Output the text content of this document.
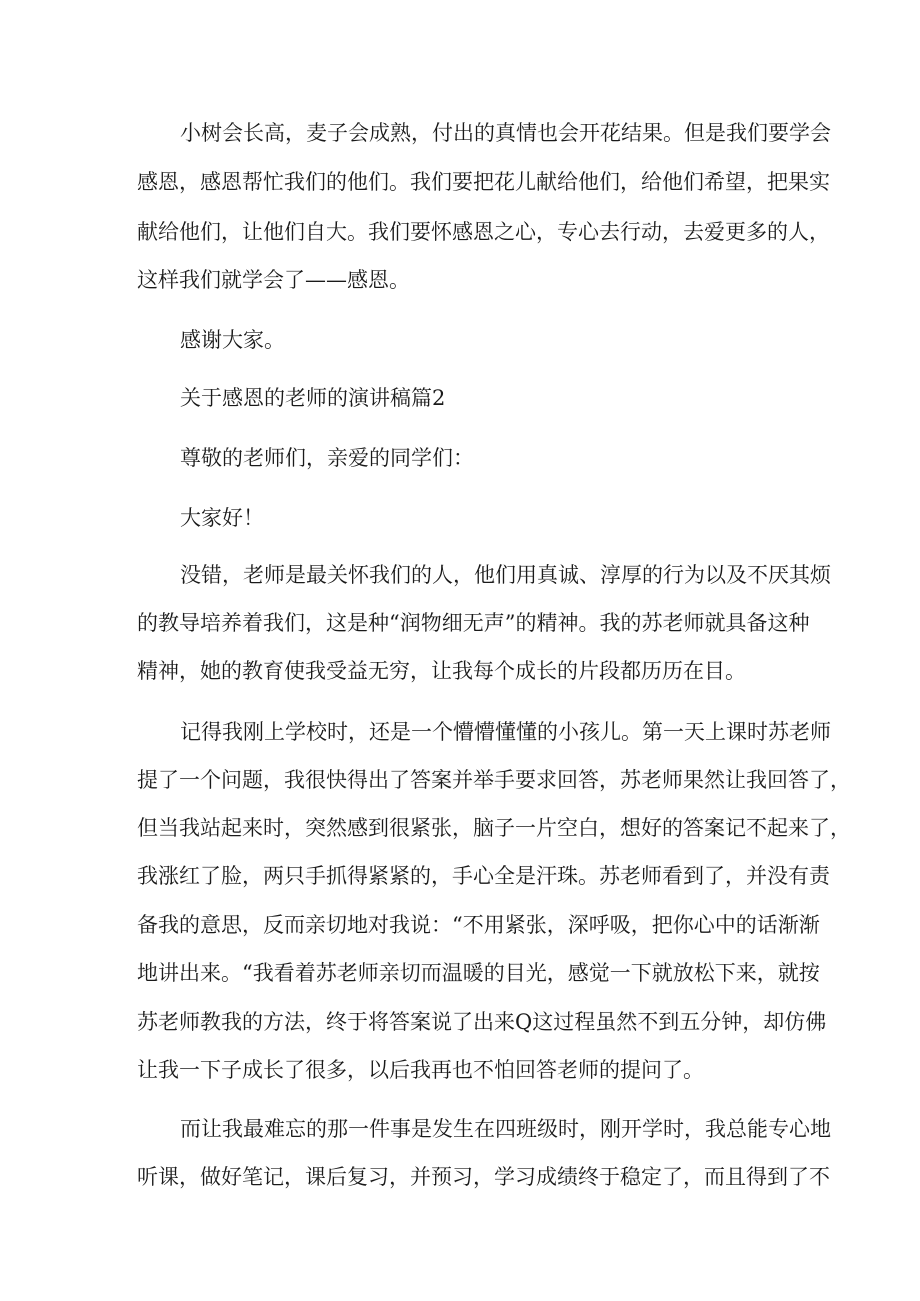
小树会长高，麦子会成熟，付出的真情也会开花结果。但是我们要学会
感恩，感恩帮忙我们的他们。我们要把花儿献给他们，给他们希望，把果实
献给他们，让他们自大。我们要怀感恩之心，专心去行动，去爱更多的人，
这样我们就学会了——感恩。
感谢大家。
关于感恩的老师的演讲稿篇2
尊敬的老师们，亲爱的同学们：
大家好！
没错，老师是最关怀我们的人，他们用真诚、淳厚的行为以及不厌其烦
的教导培养着我们，这是种“润物细无声”的精神。我的苏老师就具备这种
精神，她的教育使我受益无穷，让我每个成长的片段都历历在目。
记得我刚上学校时，还是一个懵懵懂懂的小孩儿。第一天上课时苏老师
提了一个问题，我很快得出了答案并举手要求回答，苏老师果然让我回答了，
但当我站起来时，突然感到很紧张，脑子一片空白，想好的答案记不起来了，
我涨红了脸，两只手抓得紧紧的，手心全是汗珠。苏老师看到了，并没有责
备我的意思，反而亲切地对我说：“不用紧张，深呼吸，把你心中的话渐渐
地讲出来。“我看着苏老师亲切而温暖的目光，感觉一下就放松下来，就按
苏老师教我的方法，终于将答案说了出来Q这过程虽然不到五分钟，却仿佛
让我一下子成长了很多，以后我再也不怕回答老师的提问了。
而让我最难忘的那一件事是发生在四班级时，刚开学时，我总能专心地
听课，做好笔记，课后复习，并预习，学习成绩终于稳定了，而且得到了不
